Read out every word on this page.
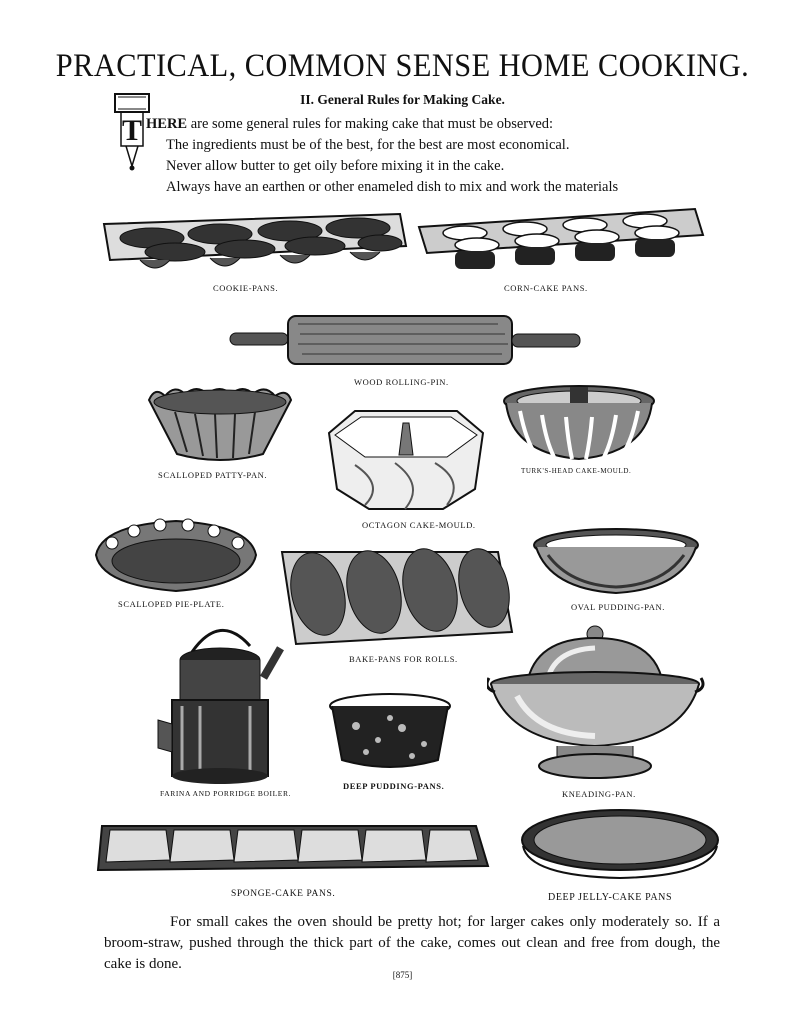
PRACTICAL, COMMON SENSE HOME COOKING.
II. General Rules for Making Cake.
T HERE are some general rules for making cake that must be observed:

The ingredients must be of the best, for the best are most economical.

Never allow butter to get oily before mixing it in the cake.

Always have an earthen or other enameled dish to mix and work the materials

COOKIE-PANS.	CORN-CAKE PANS.
WOOD ROLLING-PIN.
SCALLOPED PATTY-PAN.
OCTAGON CAKE-MOULD.
TURK'S-HEAD CAKE-MOULD.
SCALLOPED PIE-PLATE.
BAKE-PANS FOR ROLLS.
OVAL PUDDING-PAN.
FARINA AND PORRIDGE BOILER.
DEEP PUDDING-PANS.
KNEADING-PAN.
SPONGE-CAKE PANS.	DEEP JELLY-CAKE PANS

For small cakes the oven should be pretty hot; for larger cakes only moderately so. If a broom-straw, pushed through the thick part of the cake, comes out clean and free from dough, the cake is done.

[875]
